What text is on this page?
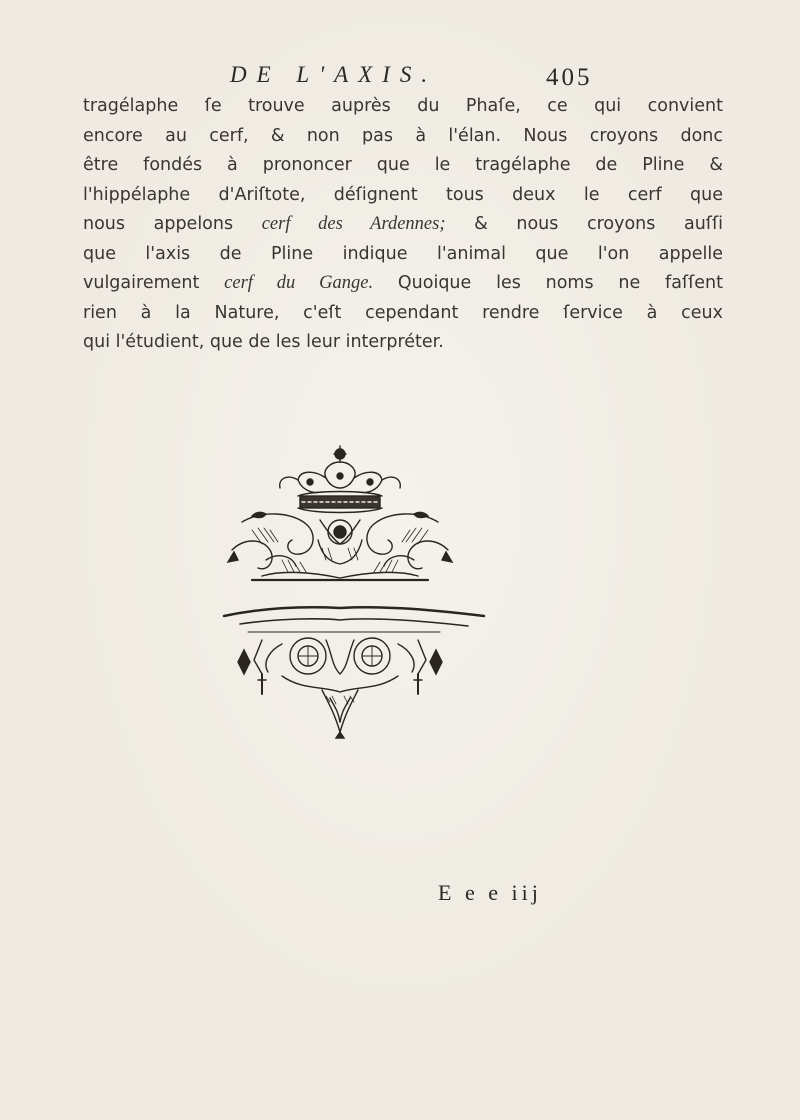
DE L'AXIS.	405
tragélaphe ſe trouve auprès du Phaſe, ce qui convient
encore au cerf, & non pas à l'élan. Nous croyons donc
être fondés à prononcer que le tragélaphe de Pline &
l'hippélaphe d'Ariſtote, déſignent tous deux le cerf que
nous appelons cerf des Ardennes; & nous croyons auſſi
que l'axis de Pline indique l'animal que l'on appelle
vulgairement cerf du Gange. Quoique les noms ne faſſent
rien à la Nature, c'eſt cependant rendre ſervice à ceux
qui l'étudient, que de les leur interpréter.
E e e iij
